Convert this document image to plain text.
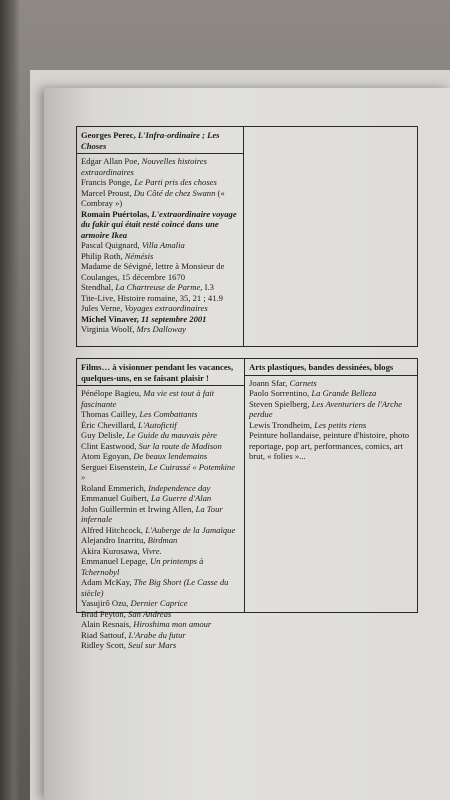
Georges Perec, L'Infra-ordinaire ; Les Choses
Edgar Allan Poe, Nouvelles histoires extraordinaires
Francis Ponge, Le Parti pris des choses
Marcel Proust, Du Côté de chez Swann (« Combray »)
Romain Puértolas, L'extraordinaire voyage du fakir qui était resté coincé dans une armoire Ikea
Pascal Quignard, Villa Amalia
Philip Roth, Némésis
Madame de Sévigné, lettre à Monsieur de Coulanges, 15 décembre 1670
Stendhal, La Chartreuse de Parme, I.3
Tite-Live, Histoire romaine, 35, 21 ; 41.9
Jules Verne, Voyages extraordinaires
Michel Vinaver, 11 septembre 2001
Virginia Woolf, Mrs Dalloway
Films… à visionner pendant les vacances, quelques-uns, en se faisant plaisir !
Pénélope Bagieu, Ma vie est tout à fait fascinante
Thomas Cailley, Les Combattants
Éric Chevillard, L'Autofictif
Guy Delisle, Le Guide du mauvais père
Clint Eastwood, Sur la route de Madison
Atom Egoyan, De beaux lendemains
Serguei Eisenstein, Le Cuirassé « Potemkine »
Roland Emmerich, Independence day
Emmanuel Guibert, La Guerre d'Alan
John Guillermin et Irwing Allen, La Tour infernale
Alfred Hitchcock, L'Auberge de la Jamaïque
Alejandro Inarritu, Birdman
Akira Kurosawa, Vivre.
Emmanuel Lepage, Un printemps à Tchernobyl
Adam McKay, The Big Short (Le Casse du siècle)
Yasujirô Ozu, Dernier Caprice
Brad Peyton, San Andreas
Alain Resnais, Hiroshima mon amour
Riad Sattouf, L'Arabe du futur
Ridley Scott, Seul sur Mars
Arts plastiques, bandes dessinées, blogs
Joann Sfar, Carnets
Paolo Sorrentino, La Grande Belleza
Steven Spielberg, Les Aventuriers de l'Arche perdue
Lewis Trondheim, Les petits riens
Peinture hollandaise, peinture d'histoire, photo reportage, pop art, performances, comics, art brut, « folies »...
